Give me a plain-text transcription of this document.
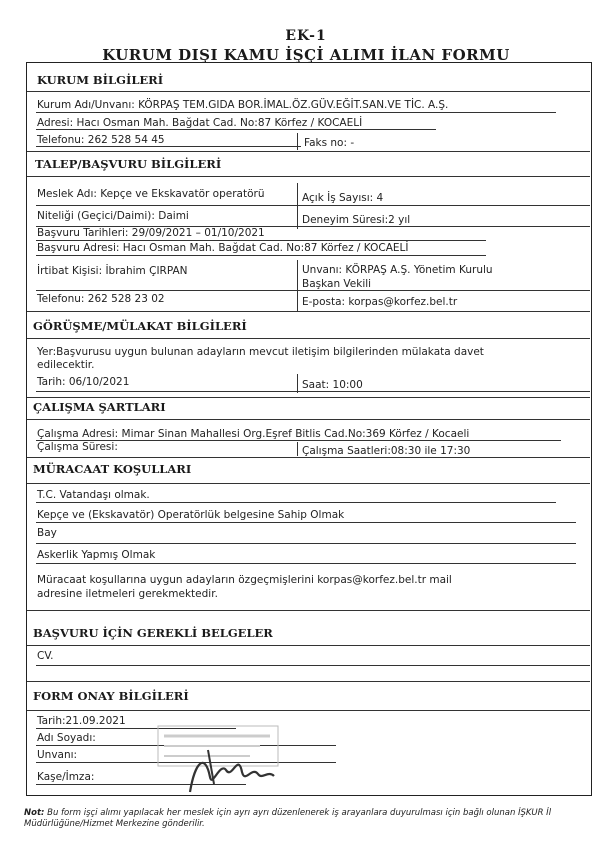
EK-1
KURUM DIŞI KAMU İŞÇİ ALIMI İLAN FORMU
KURUM BİLGİLERİ
Kurum Adı/Unvanı: KÖRPAŞ TEM.GIDA BOR.İMAL.ÖZ.GÜV.EĞİT.SAN.VE TİC. A.Ş.
Adresi: Hacı Osman Mah. Bağdat Cad. No:87 Körfez / KOCAELİ
Telefonu: 262 528 54 45	Faks no: -
TALEP/BAŞVURU BİLGİLERİ
Meslek Adı: Kepçe ve Ekskavatör operatörü	Açık İş Sayısı: 4
Niteliği (Geçici/Daimi): Daimi	Deneyim Süresi:2 yıl
Başvuru Tarihleri: 29/09/2021 – 01/10/2021
Başvuru Adresi: Hacı Osman Mah. Bağdat Cad. No:87 Körfez / KOCAELİ
İrtibat Kişisi: İbrahim ÇIRPAN	Unvanı: KÖRPAŞ A.Ş. Yönetim Kurulu
Başkan Vekili
Telefonu: 262 528 23 02	E-posta: korpas@korfez.bel.tr
GÖRÜŞME/MÜLAKAT BİLGİLERİ
Yer:Başvurusu uygun bulunan adayların mevcut iletişim bilgilerinden mülakata davet
edilecektir.
Tarih: 06/10/2021	Saat: 10:00
ÇALIŞMA ŞARTLARI
Çalışma Adresi: Mimar Sinan Mahallesi Org.Eşref Bitlis Cad.No:369 Körfez / Kocaeli
Çalışma Süresi:	Çalışma Saatleri:08:30 ile 17:30
MÜRACAAT KOŞULLARI
T.C. Vatandaşı olmak.
Kepçe ve (Ekskavatör) Operatörlük belgesine Sahip Olmak
Bay
Askerlik Yapmış Olmak
Müracaat koşullarına uygun adayların özgeçmişlerini korpas@korfez.bel.tr mail
adresine iletmeleri gerekmektedir.
BAŞVURU İÇİN GEREKLİ BELGELER
CV.
FORM ONAY BİLGİLERİ
Tarih:21.09.2021
Adı Soyadı:
Unvanı:
Kaşe/İmza:
Not: Bu form işçi alımı yapılacak her meslek için ayrı ayrı düzenlenerek iş arayanlara duyurulması için bağlı olunan İŞKUR İl Müdürlüğüne/Hizmet Merkezine gönderilir.
